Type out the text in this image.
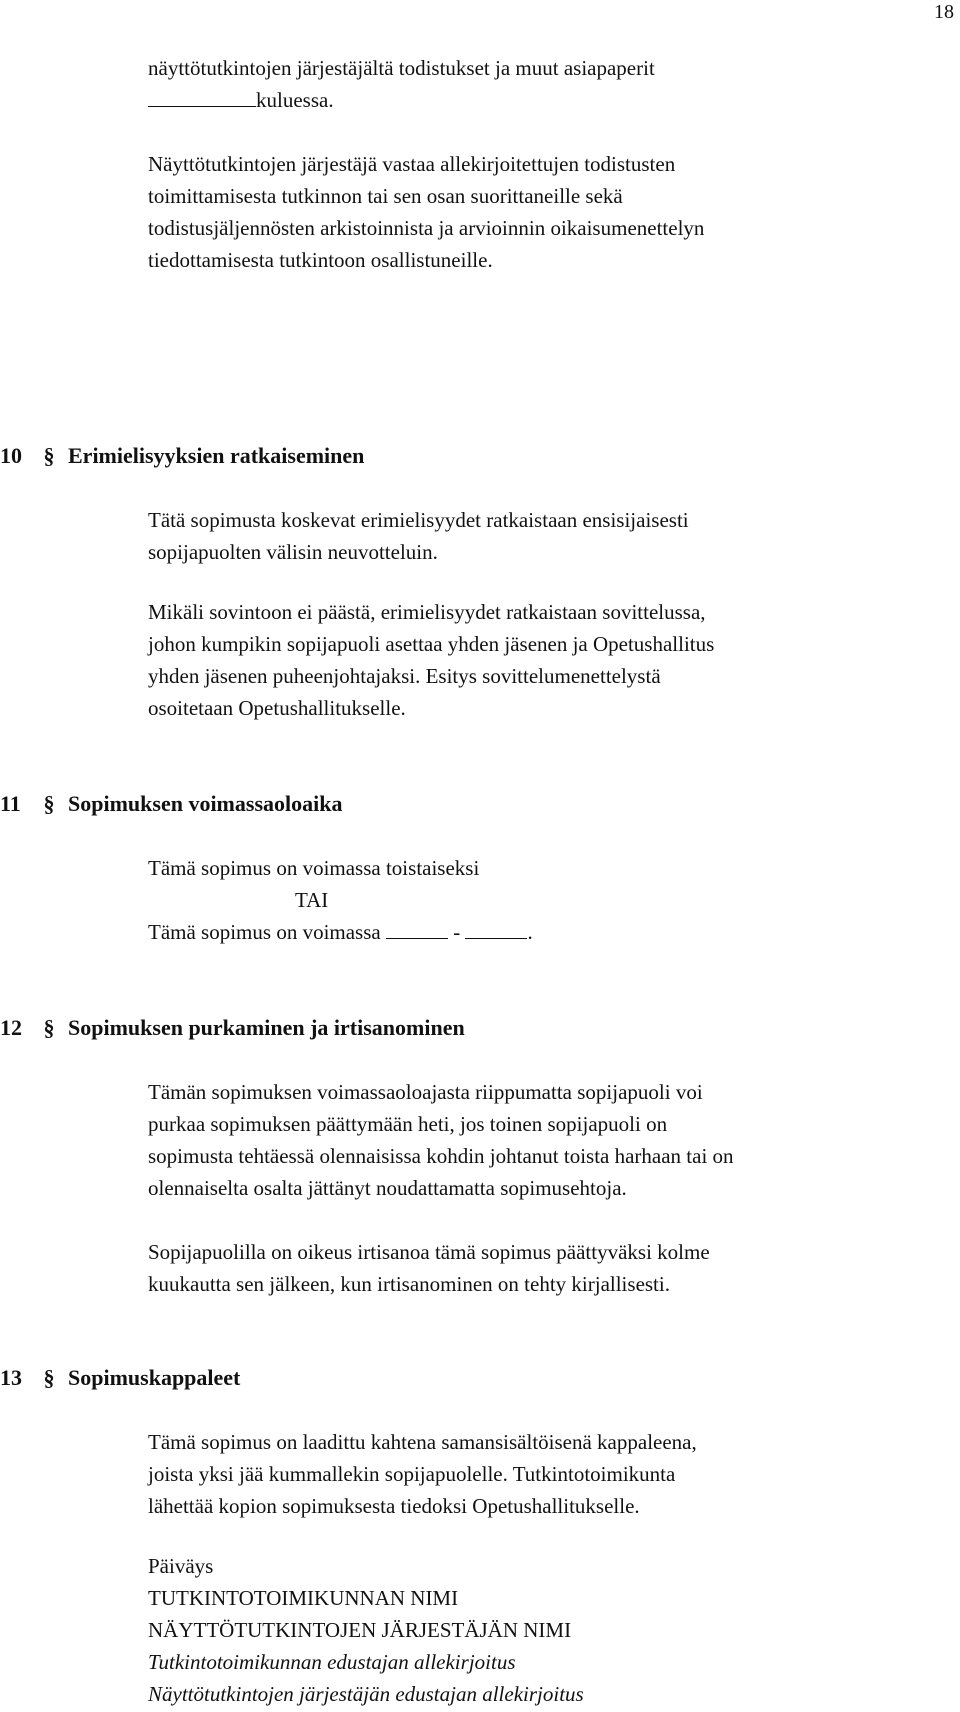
18
näyttötutkintojen järjestäjältä todistukset ja muut asiapaperit
kuluessa.
Näyttötutkintojen järjestäjä vastaa allekirjoitettujen todistusten
toimittamisesta tutkinnon tai sen osan suorittaneille sekä
todistusjäljennösten arkistoinnista ja arvioinnin oikaisumenettelyn
tiedottamisesta tutkintoon osallistuneille.
10 § Erimielisyyksien ratkaiseminen
Tätä sopimusta koskevat erimielisyydet ratkaistaan ensisijaisesti
sopijapuolten välisin neuvotteluin.
Mikäli sovintoon ei päästä, erimielisyydet ratkaistaan sovittelussa,
johon kumpikin sopijapuoli asettaa yhden jäsenen ja Opetushallitus
yhden jäsenen puheenjohtajaksi. Esitys sovittelumenettelystä
osoitetaan Opetushallitukselle.
11 § Sopimuksen voimassaoloaika
Tämä sopimus on voimassa toistaiseksi
TAI
Tämä sopimus on voimassa	-	.
12 § Sopimuksen purkaminen ja irtisanominen
Tämän sopimuksen voimassaoloajasta riippumatta sopijapuoli voi
purkaa sopimuksen päättymään heti, jos toinen sopijapuoli on
sopimusta tehtäessä olennaisissa kohdin johtanut toista harhaan tai on
olennaiselta osalta jättänyt noudattamatta sopimusehtoja.
Sopijapuolilla on oikeus irtisanoa tämä sopimus päättyväksi kolme
kuukautta sen jälkeen, kun irtisanominen on tehty kirjallisesti.
13 § Sopimuskappaleet
Tämä sopimus on laadittu kahtena samansisältöisenä kappaleena,
joista yksi jää kummallekin sopijapuolelle. Tutkintotoimikunta
lähettää kopion sopimuksesta tiedoksi Opetushallitukselle.
Päiväys
TUTKINTOTOIMIKUNNAN NIMI
NÄYTTÖTUTKINTOJEN JÄRJESTÄJÄN NIMI
Tutkintotoimikunnan edustajan allekirjoitus
Näyttötutkintojen järjestäjän edustajan allekirjoitus
